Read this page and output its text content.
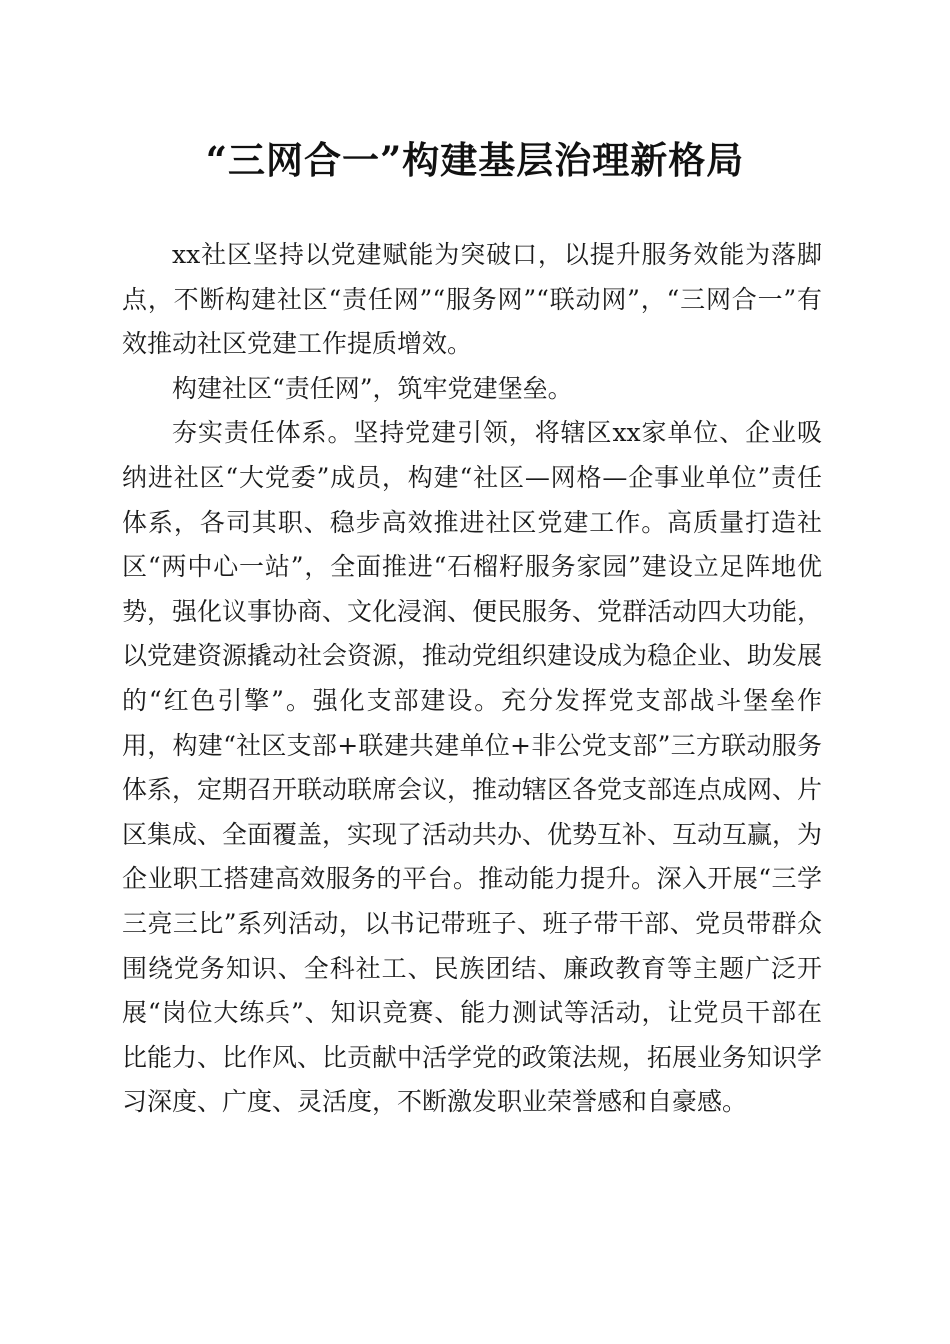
“三网合一”构建基层治理新格局

xx社区坚持以党建赋能为突破口，以提升服务效能为落脚点，不断构建社区“责任网”“服务网”“联动网”，“三网合一”有效推动社区党建工作提质增效。

构建社区“责任网”，筑牢党建堡垒。

夯实责任体系。坚持党建引领，将辖区xx家单位、企业吸纳进社区“大党委”成员，构建“社区—网格—企事业单位”责任体系，各司其职、稳步高效推进社区党建工作。高质量打造社区“两中心一站”，全面推进“石榴籽服务家园”建设立足阵地优势，强化议事协商、文化浸润、便民服务、党群活动四大功能，以党建资源撬动社会资源，推动党组织建设成为稳企业、助发展的“红色引擎”。强化支部建设。充分发挥党支部战斗堡垒作用，构建“社区支部+联建共建单位+非公党支部”三方联动服务体系，定期召开联动联席会议，推动辖区各党支部连点成网、片区集成、全面覆盖，实现了活动共办、优势互补、互动互赢，为企业职工搭建高效服务的平台。推动能力提升。深入开展“三学三亮三比”系列活动，以书记带班子、班子带干部、党员带群众围绕党务知识、全科社工、民族团结、廉政教育等主题广泛开展“岗位大练兵”、知识竞赛、能力测试等活动，让党员干部在比能力、比作风、比贡献中活学党的政策法规，拓展业务知识学习深度、广度、灵活度，不断激发职业荣誉感和自豪感。
